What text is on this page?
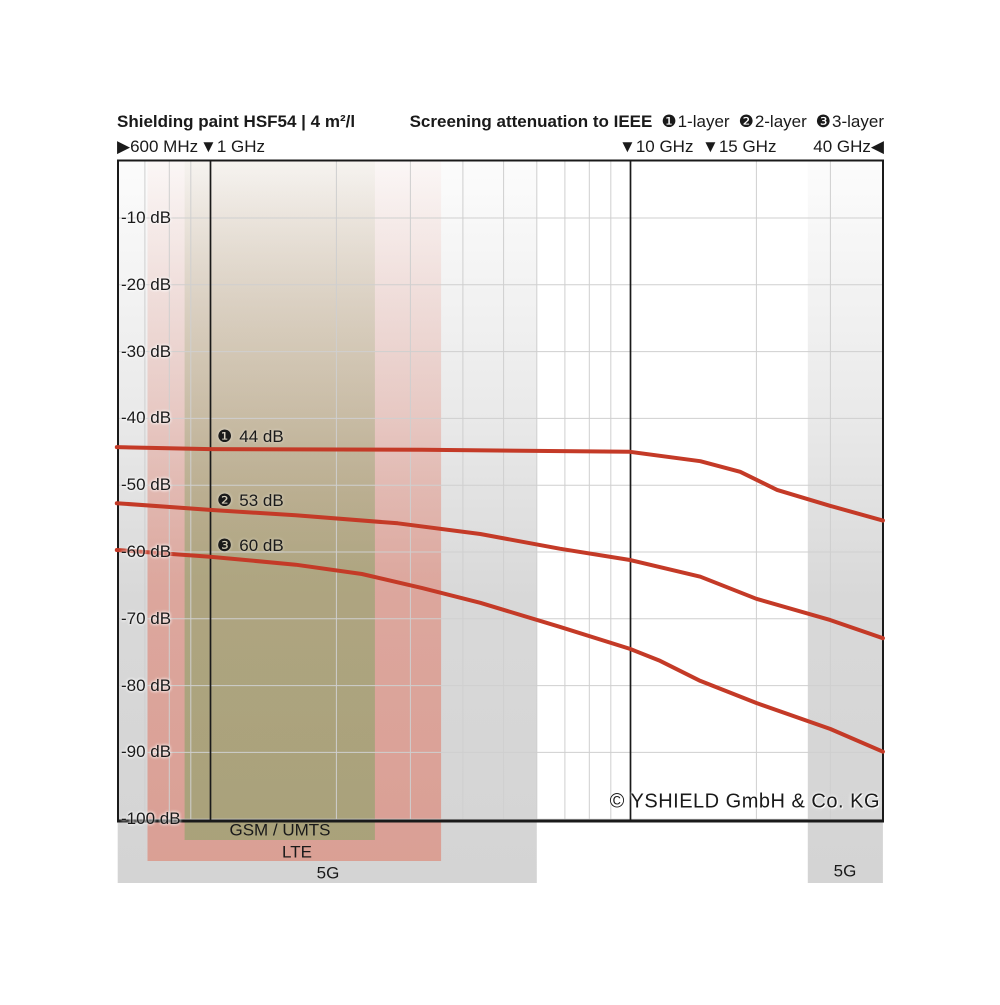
Shielding paint HSF54 | 4 m²/l	Screening attenuation to IEEE ❶1-layer ❷2-layer ❸3-layer
▶600 MHz ▼1 GHz	▼10 GHz ▼15 GHz 40 GHz◀
-10 dB
-20 dB
-30 dB
-40 dB
-50 dB
-60 dB
-70 dB
-80 dB
-90 dB
-100 dB
❶ 44 dB
❷ 53 dB
❸ 60 dB
5G
LTE
GSM / UMTS
5G
© YSHIELD GmbH & Co. KG
